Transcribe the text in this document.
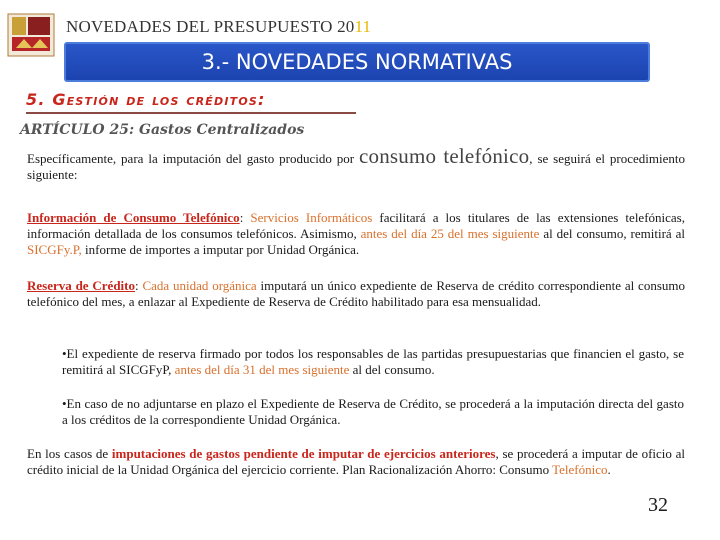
NOVEDADES DEL PRESUPUESTO 2011
3.- NOVEDADES NORMATIVAS
5. Gestión de los créditos:
ARTÍCULO 25: Gastos Centralizados

Específicamente, para la imputación del gasto producido por consumo telefónico, se seguirá el procedimiento siguiente:

Información de Consumo Telefónico: Servicios Informáticos facilitará a los titulares de las extensiones telefónicas, información detallada de los consumos telefónicos. Asimismo, antes del día 25 del mes siguiente al del consumo, remitirá al SICGFy.P, informe de importes a imputar por Unidad Orgánica.

Reserva de Crédito: Cada unidad orgánica imputará un único expediente de Reserva de crédito correspondiente al consumo telefónico del mes, a enlazar al Expediente de Reserva de Crédito habilitado para esa mensualidad.

•El expediente de reserva firmado por todos los responsables de las partidas presupuestarias que financien el gasto, se remitirá al SICGFyP, antes del día 31 del mes siguiente al del consumo.

•En caso de no adjuntarse en plazo el Expediente de Reserva de Crédito, se procederá a la imputación directa del gasto a los créditos de la correspondiente Unidad Orgánica.

En los casos de imputaciones de gastos pendiente de imputar de ejercicios anteriores, se procederá a imputar de oficio al crédito inicial de la Unidad Orgánica del ejercicio corriente. Plan Racionalización Ahorro: Consumo Telefónico.

32
